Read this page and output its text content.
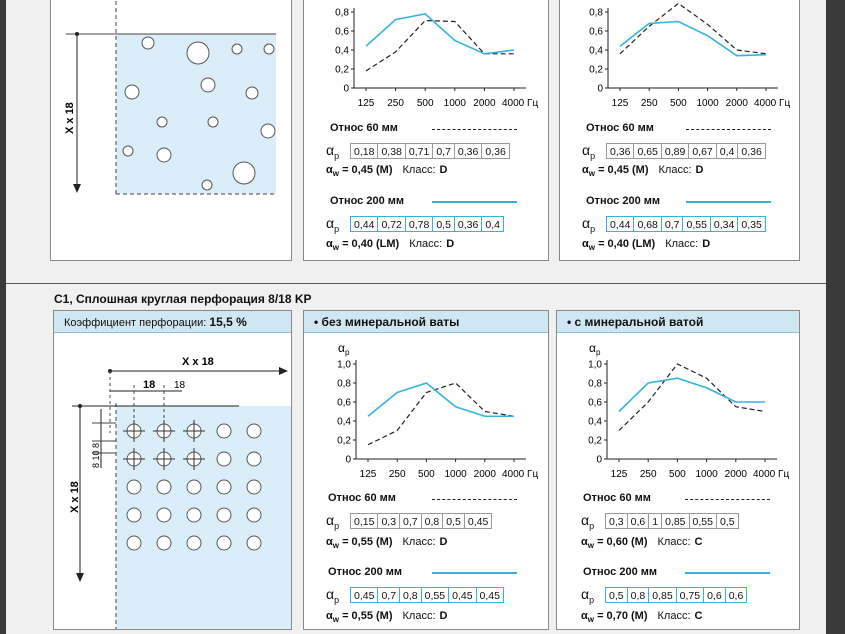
X x 18
0
0,2
0,4
0,6
0,8
125 250 500 1000 2000 4000 Гц
Относ 60 мм
$\alpha_p$	0,18 0,38 0,71 0,7 0,36 0,36
$\alpha_w = 0,45$ (M) Класс: D
Относ 200 мм
$\alpha_p$	0,44 0,72 0,78 0,5 0,36 0,4
$\alpha_w = 0,40$ (LM) Класс: D
0
0,2
0,4
0,6
0,8
125 250 500 1000 2000 4000 Гц
Относ 60 мм
$\alpha_p$	0,36 0,65 0,89 0,67 0,4 0,36
$\alpha_w = 0,45$ (M) Класс: D
Относ 200 мм
$\alpha_p$	0,44 0,68 0,7 0,55 0,34 0,35
$\alpha_w = 0,40$ (LM) Класс: D
C1, Сплошная круглая перфорация 8/18 KP
Коэффициент перфорации: 15,5 %
X x 18
18 18
X x 18
8 10 8
• без минеральной ваты
$\alpha_p$
0
0,2
0,4
0,6
0,8
1,0
125 250 500 1000 2000 4000 Гц
Относ 60 мм
$\alpha_p$	0,15 0,3 0,7 0,8 0,5 0,45
$\alpha_w = 0,55$ (M) Класс: D
Относ 200 мм
$\alpha_p$	0,45 0,7 0,8 0,55 0,45 0,45
$\alpha_w = 0,55$ (M) Класс: D
• с минеральной ватой
$\alpha_p$
0
0,2
0,4
0,6
0,8
1,0
125 250 500 1000 2000 4000 Гц
Относ 60 мм
$\alpha_p$	0,3 0,6 1 0,85 0,55 0,5
$\alpha_w = 0,60$ (M) Класс: C
Относ 200 мм
$\alpha_p$	0,5 0,8 0,85 0,75 0,6 0,6
$\alpha_w = 0,70$ (M) Класс: C
